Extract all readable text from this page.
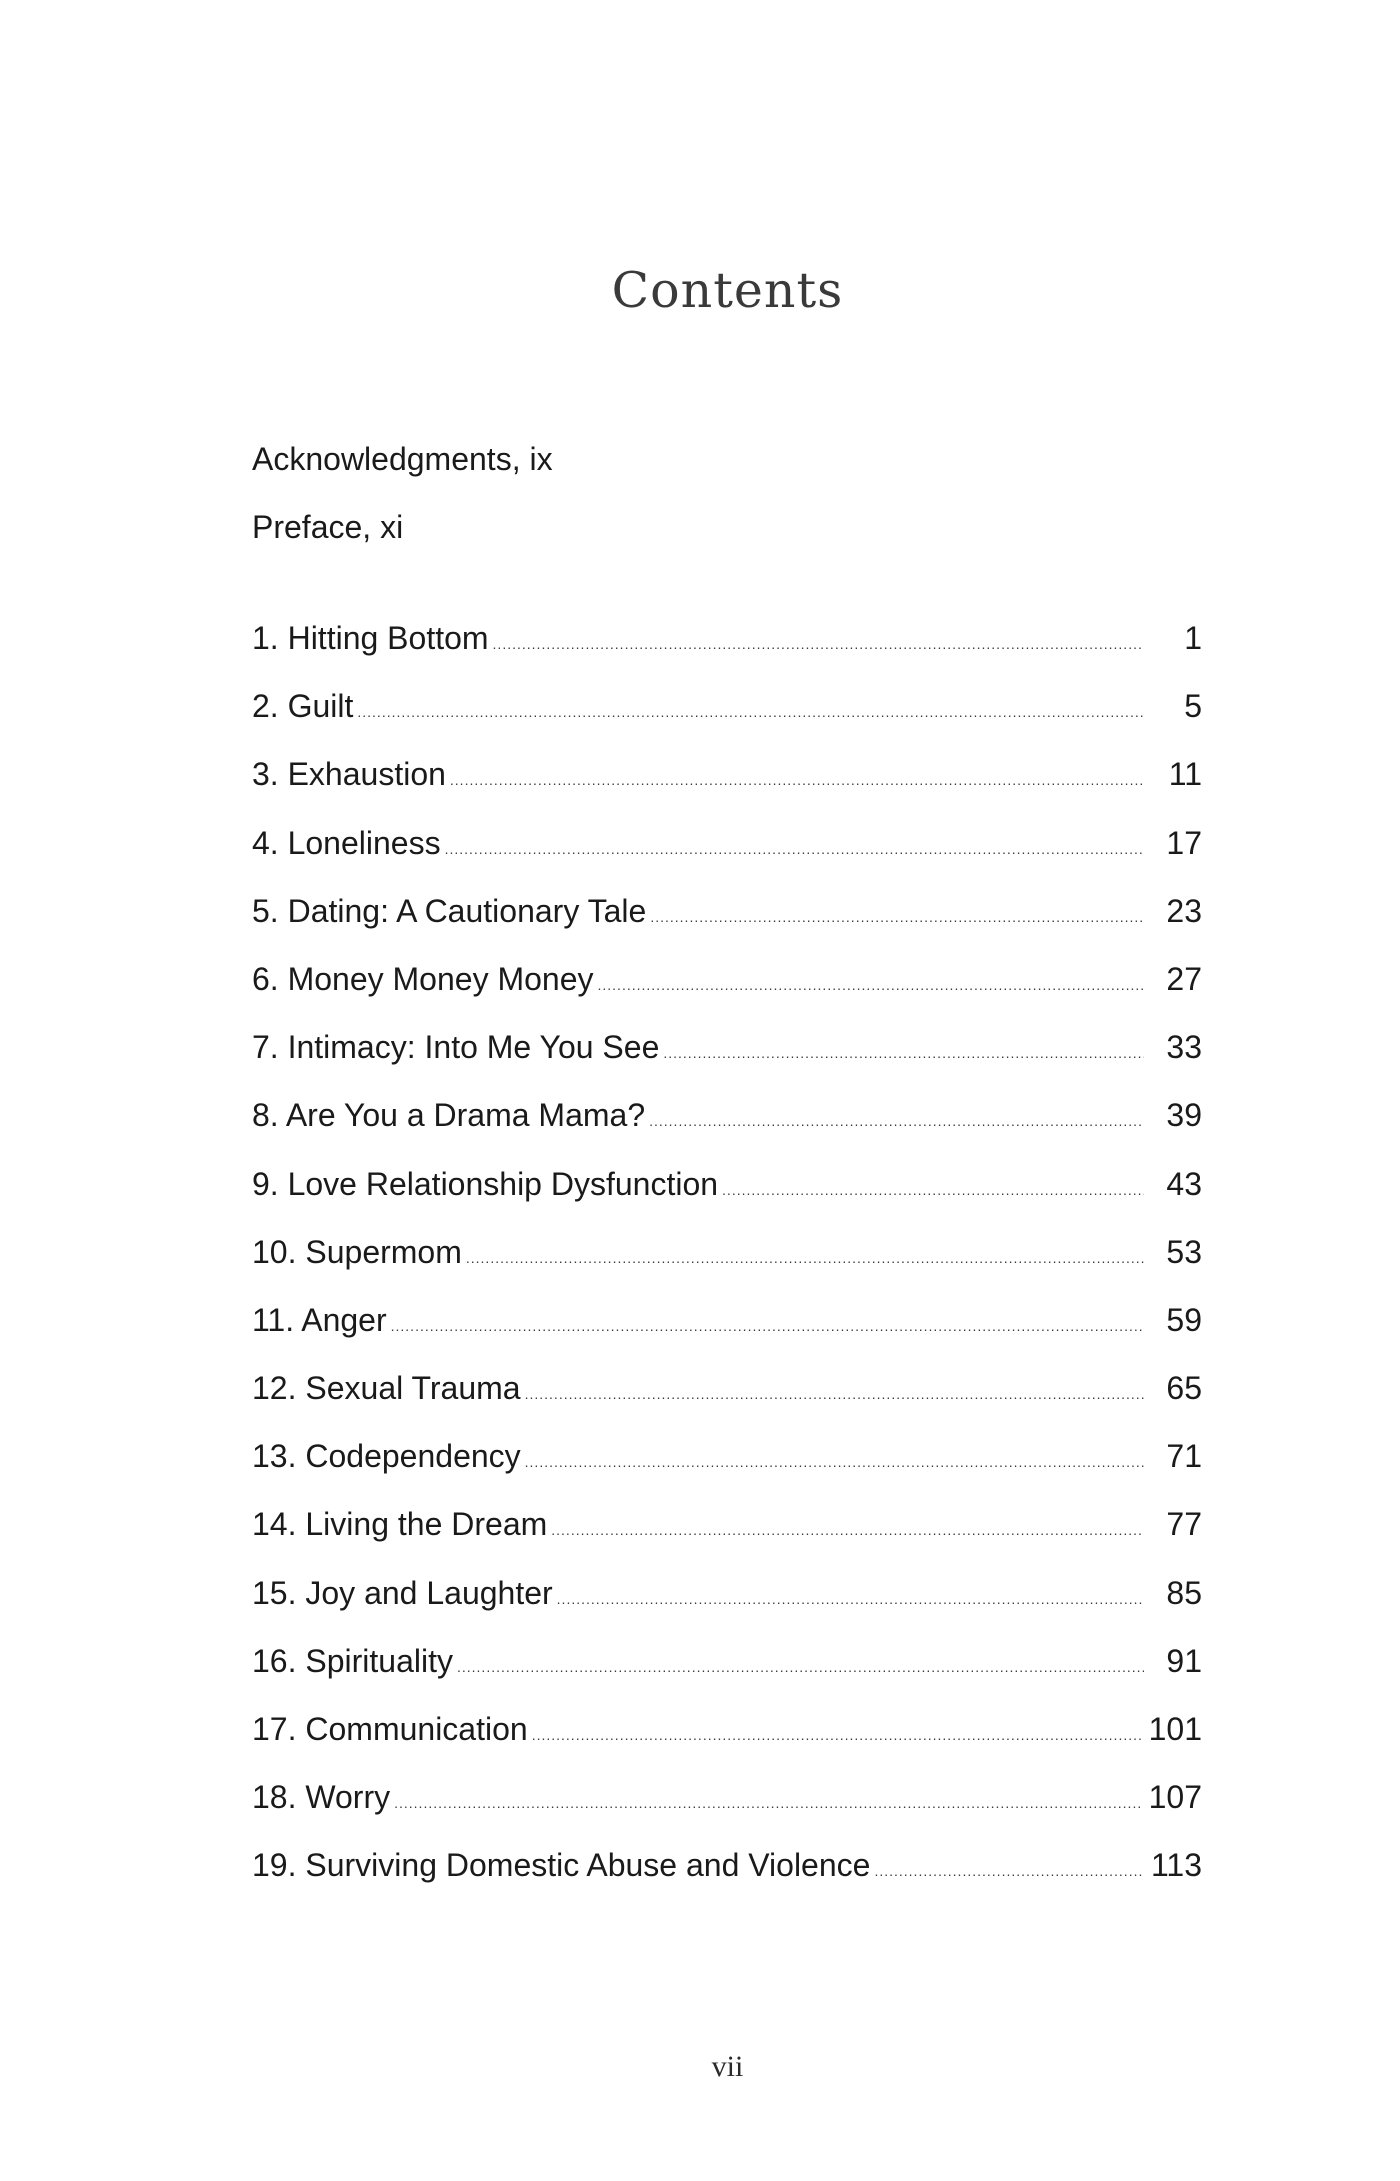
Contents
Acknowledgments, ix
Preface, xi
1. Hitting Bottom .....	1
2. Guilt .....	5
3. Exhaustion .....	11
4. Loneliness .....	17
5. Dating: A Cautionary Tale .....	23
6. Money Money Money .....	27
7. Intimacy: Into Me You See .....	33
8. Are You a Drama Mama? .....	39
9. Love Relationship Dysfunction .....	43
10. Supermom .....	53
11. Anger .....	59
12. Sexual Trauma .....	65
13. Codependency .....	71
14. Living the Dream .....	77
15. Joy and Laughter .....	85
16. Spirituality .....	91
17. Communication .....	101
18. Worry .....	107
19. Surviving Domestic Abuse and Violence .....	113
vii
